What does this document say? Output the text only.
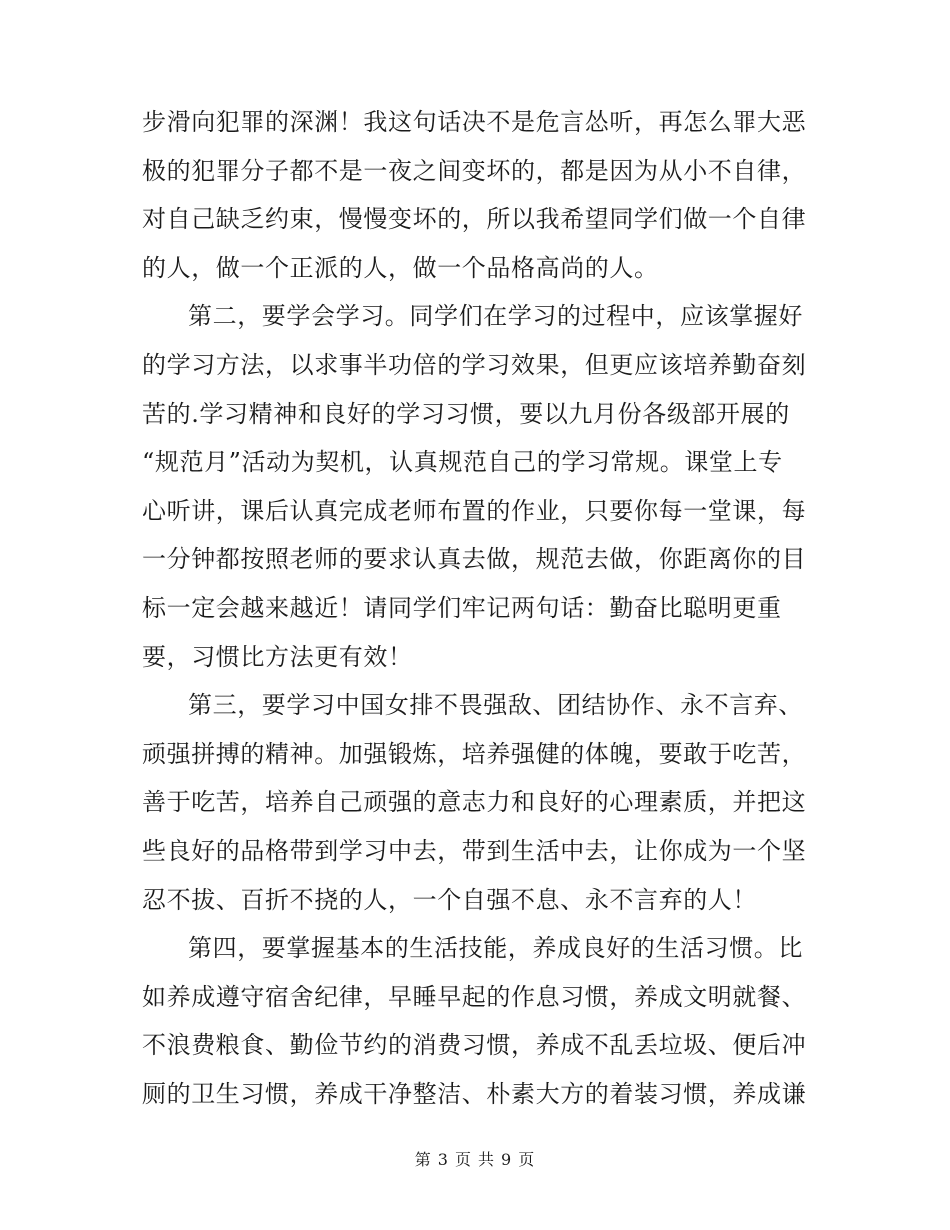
步滑向犯罪的深渊！我这句话决不是危言怂听，再怎么罪大恶
极的犯罪分子都不是一夜之间变坏的，都是因为从小不自律，
对自己缺乏约束，慢慢变坏的，所以我希望同学们做一个自律
的人，做一个正派的人，做一个品格高尚的人。
第二，要学会学习。同学们在学习的过程中，应该掌握好
的学习方法，以求事半功倍的学习效果，但更应该培养勤奋刻
苦的.学习精神和良好的学习习惯，要以九月份各级部开展的
“规范月”活动为契机，认真规范自己的学习常规。课堂上专
心听讲，课后认真完成老师布置的作业，只要你每一堂课，每
一分钟都按照老师的要求认真去做，规范去做，你距离你的目
标一定会越来越近！请同学们牢记两句话：勤奋比聪明更重
要，习惯比方法更有效！
第三，要学习中国女排不畏强敌、团结协作、永不言弃、
顽强拼搏的精神。加强锻炼，培养强健的体魄，要敢于吃苦，
善于吃苦，培养自己顽强的意志力和良好的心理素质，并把这
些良好的品格带到学习中去，带到生活中去，让你成为一个坚
忍不拔、百折不挠的人，一个自强不息、永不言弃的人！
第四，要掌握基本的生活技能，养成良好的生活习惯。比
如养成遵守宿舍纪律，早睡早起的作息习惯，养成文明就餐、
不浪费粮食、勤俭节约的消费习惯，养成不乱丢垃圾、便后冲
厕的卫生习惯，养成干净整洁、朴素大方的着装习惯，养成谦
第 3 页 共 9 页
